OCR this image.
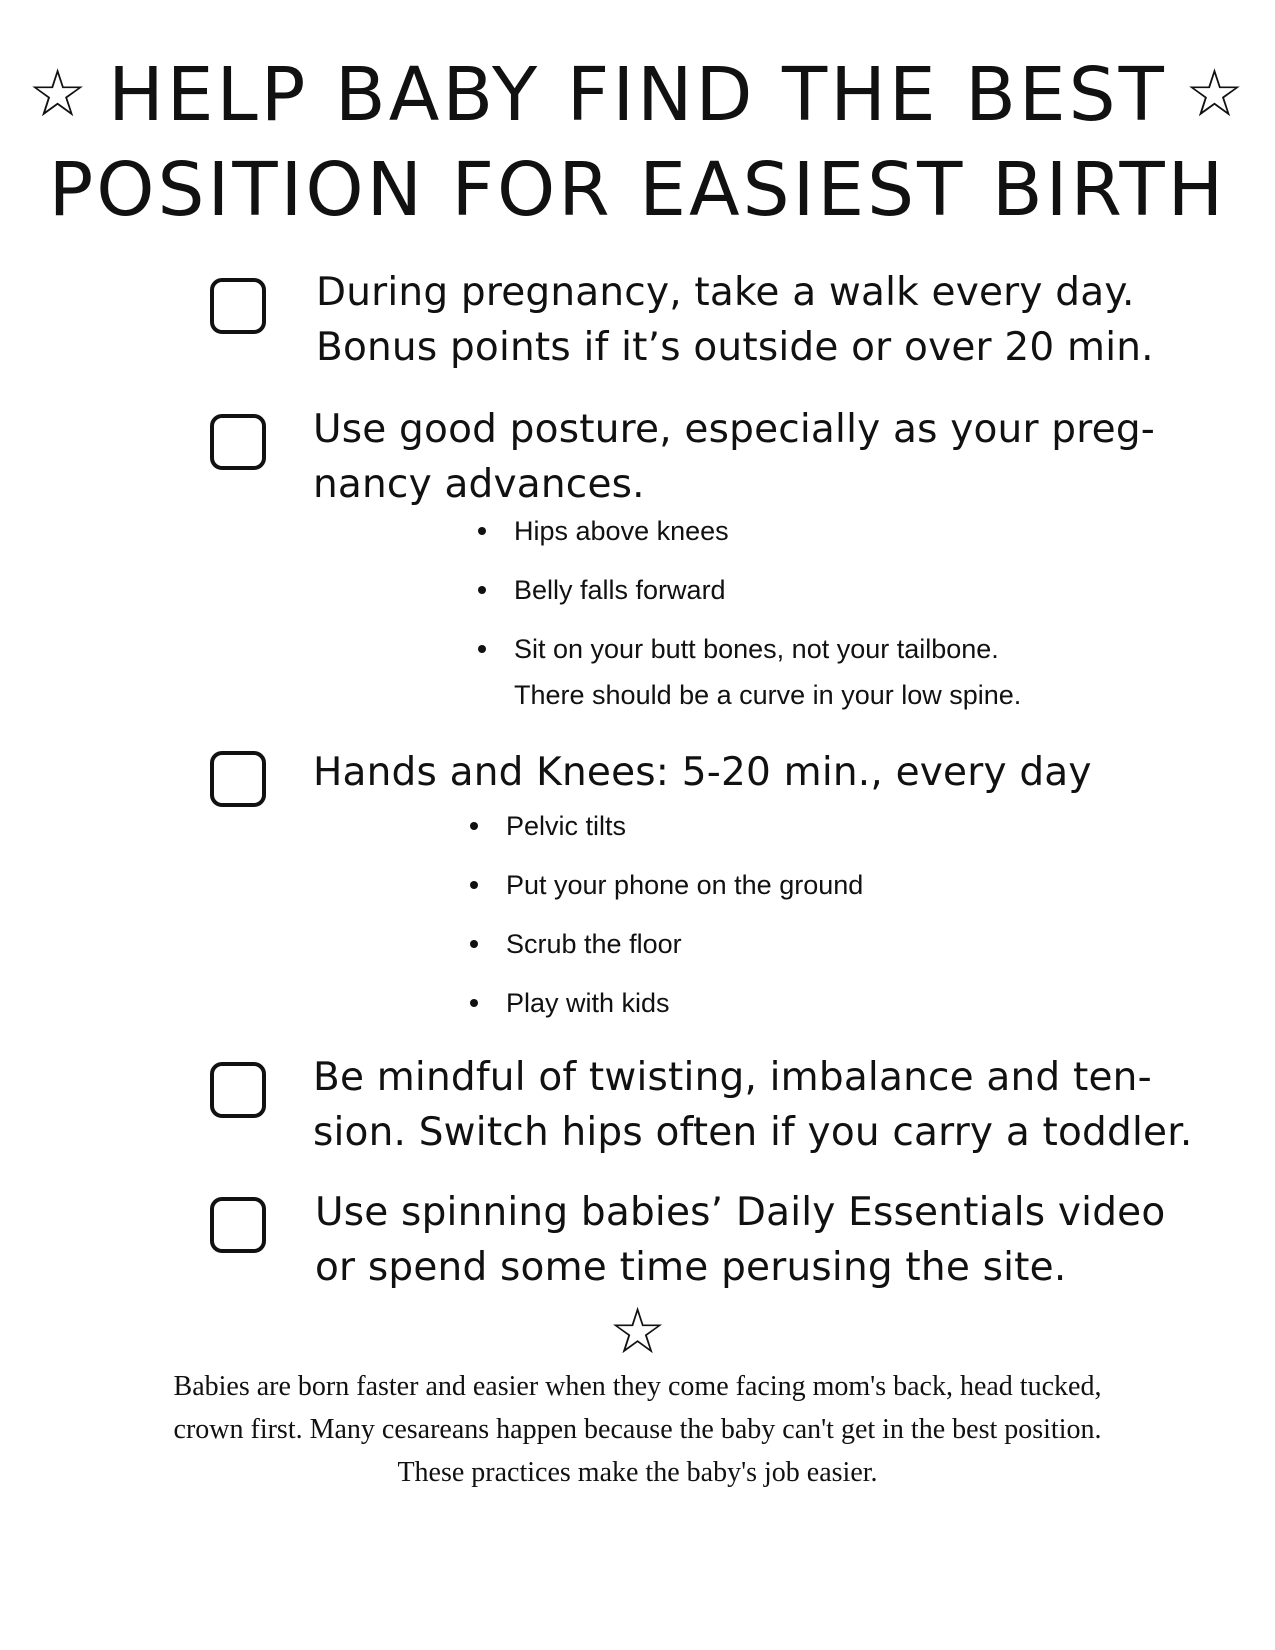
☆ HELP BABY FIND THE BEST ☆
POSITION FOR EASIEST BIRTH
During pregnancy, take a walk every day.
Bonus points if it’s outside or over 20 min.
Use good posture, especially as your preg-
nancy advances.
Hips above knees
Belly falls forward
Sit on your butt bones, not your tailbone.
There should be a curve in your low spine.
Hands and Knees: 5-20 min., every day
Pelvic tilts
Put your phone on the ground
Scrub the floor
Play with kids
Be mindful of twisting, imbalance and ten-
sion. Switch hips often if you carry a toddler.
Use spinning babies’ Daily Essentials video
or spend some time perusing the site.
☆
Babies are born faster and easier when they come facing mom's back, head tucked,
crown first. Many cesareans happen because the baby can't get in the best position.
These practices make the baby's job easier.
